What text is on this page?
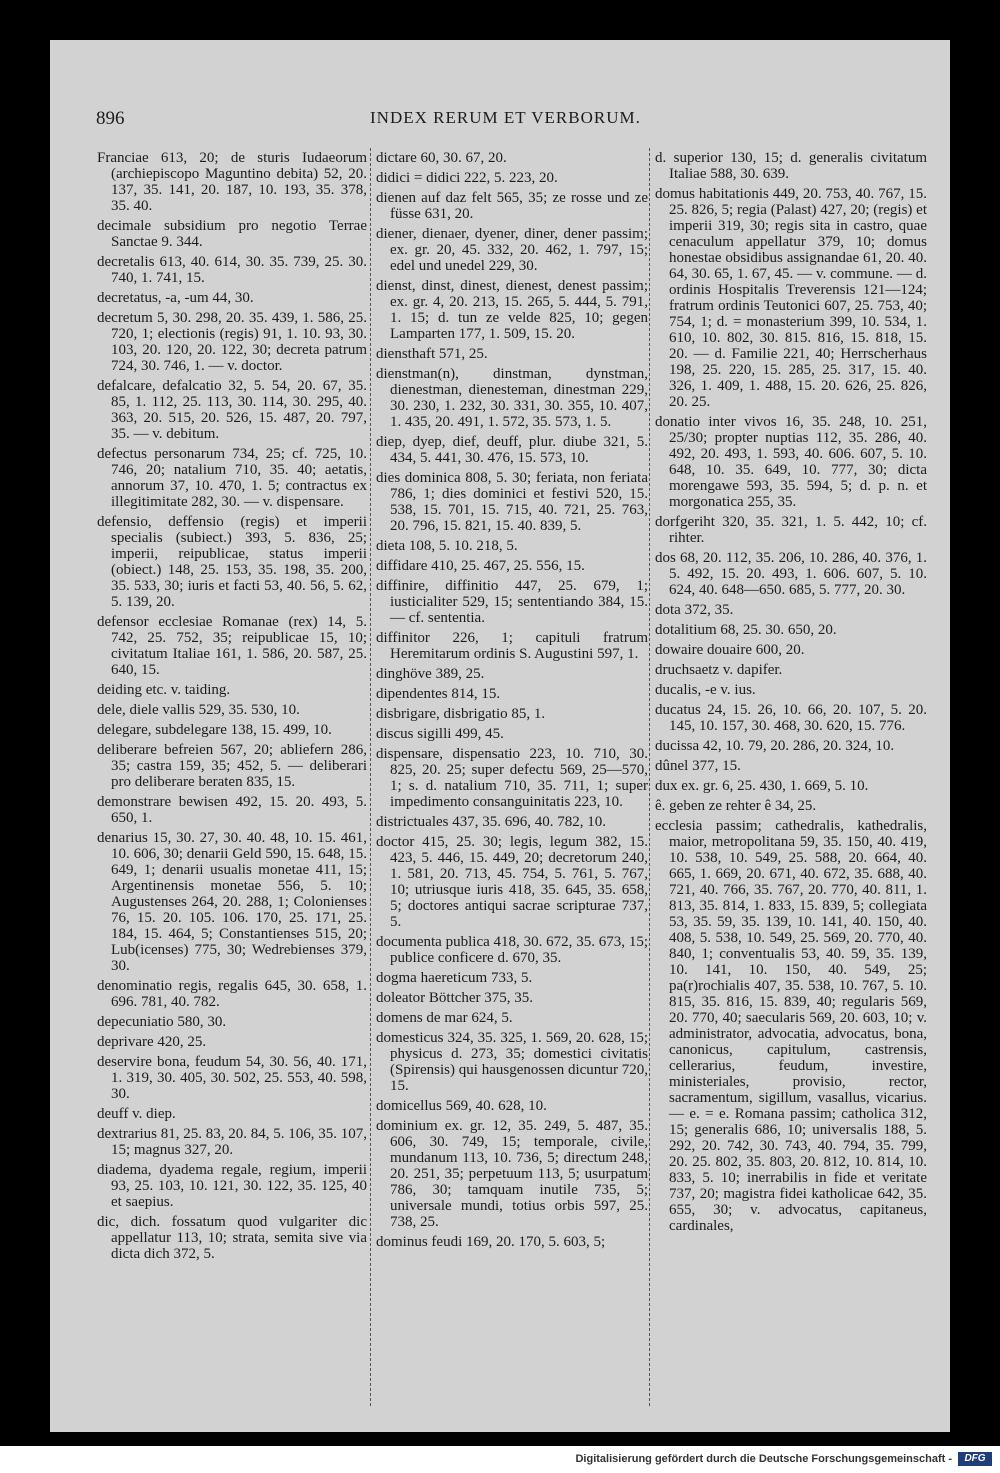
896	INDEX RERUM ET VERBORUM.
Franciae 613, 20; de sturis Iudaeorum (archiepiscopo Maguntino debita) 52, 20. 137, 35. 141, 20. 187, 10. 193, 35. 378, 35. 40.
decimale subsidium pro negotio Terrae Sanctae 9. 344.
decretalis 613, 40. 614, 30. 35. 739, 25. 30. 740, 1. 741, 15.
decretatus, -a, -um 44, 30.
decretum 5, 30. 298, 20. 35. 439, 1. 586, 25. 720, 1; electionis (regis) 91, 1. 10. 93, 30. 103, 20. 120, 20. 122, 30; decreta patrum 724, 30. 746, 1. — v. doctor.
defalcare, defalcatio 32, 5. 54, 20. 67, 35. 85, 1. 112, 25. 113, 30. 114, 30. 295, 40. 363, 20. 515, 20. 526, 15. 487, 20. 797, 35. — v. debitum.
defectus personarum 734, 25; cf. 725, 10. 746, 20; natalium 710, 35. 40; aetatis, annorum 37, 10. 470, 1. 5; contractus ex illegitimitate 282, 30. — v. dispensare.
defensio, deffensio (regis) et imperii specialis (subiect.) 393, 5. 836, 25; imperii, reipublicae, status imperii (obiect.) 148, 25. 153, 35. 198, 35. 200, 35. 533, 30; iuris et facti 53, 40. 56, 5. 62, 5. 139, 20.
defensor ecclesiae Romanae (rex) 14, 5. 742, 25. 752, 35; reipublicae 15, 10; civitatum Italiae 161, 1. 586, 20. 587, 25. 640, 15.
deiding etc. v. taiding.
dele, diele vallis 529, 35. 530, 10.
delegare, subdelegare 138, 15. 499, 10.
deliberare befreien 567, 20; abliefern 286, 35; castra 159, 35; 452, 5. — deliberari pro deliberare beraten 835, 15.
demonstrare bewisen 492, 15. 20. 493, 5. 650, 1.
denarius 15, 30. 27, 30. 40. 48, 10. 15. 461, 10. 606, 30; denarii Geld 590, 15. 648, 15. 649, 1; denarii usualis monetae 411, 15; Argentinensis monetae 556, 5. 10; Augustenses 264, 20. 288, 1; Colonienses 76, 15. 20. 105. 106. 170, 25. 171, 25. 184, 15. 464, 5; Constantienses 515, 20; Lub(icenses) 775, 30; Wedrebienses 379, 30.
denominatio regis, regalis 645, 30. 658, 1. 696. 781, 40. 782.
depecuniatio 580, 30.
deprivare 420, 25.
deservire bona, feudum 54, 30. 56, 40. 171, 1. 319, 30. 405, 30. 502, 25. 553, 40. 598, 30.
deuff v. diep.
dextrarius 81, 25. 83, 20. 84, 5. 106, 35. 107, 15; magnus 327, 20.
diadema, dyadema regale, regium, imperii 93, 25. 103, 10. 121, 30. 122, 35. 125, 40 et saepius.
dic, dich. fossatum quod vulgariter dic appellatur 113, 10; strata, semita sive via dicta dich 372, 5.
dictare 60, 30. 67, 20.
didici = didici 222, 5. 223, 20.
dienen auf daz felt 565, 35; ze rosse und ze füsse 631, 20.
diener, dienaer, dyener, diner, dener passim; ex. gr. 20, 45. 332, 20. 462, 1. 797, 15; edel und unedel 229, 30.
dienst, dinst, dinest, dienest, denest passim; ex. gr. 4, 20. 213, 15. 265, 5. 444, 5. 791, 1. 15; d. tun ze velde 825, 10; gegen Lamparten 177, 1. 509, 15. 20.
diensthaft 571, 25.
dienstman(n), dinstman, dynstman, dienestman, dienesteman, dinestman 229, 30. 230, 1. 232, 30. 331, 30. 355, 10. 407, 1. 435, 20. 491, 1. 572, 35. 573, 1. 5.
diep, dyep, dief, deuff, plur. diube 321, 5. 434, 5. 441, 30. 476, 15. 573, 10.
dies dominica 808, 5. 30; feriata, non feriata 786, 1; dies dominici et festivi 520, 15. 538, 15. 701, 15. 715, 40. 721, 25. 763, 20. 796, 15. 821, 15. 40. 839, 5.
dieta 108, 5. 10. 218, 5.
diffidare 410, 25. 467, 25. 556, 15.
diffinire, diffinitio 447, 25. 679, 1; iusticialiter 529, 15; sententiando 384, 15. — cf. sententia.
diffinitor 226, 1; capituli fratrum Heremitarum ordinis S. Augustini 597, 1.
dinghöve 389, 25.
dipendentes 814, 15.
disbrigare, disbrigatio 85, 1.
discus sigilli 499, 45.
dispensare, dispensatio 223, 10. 710, 30. 825, 20. 25; super defectu 569, 25—570, 1; s. d. natalium 710, 35. 711, 1; super impedimento consanguinitatis 223, 10.
districtuales 437, 35. 696, 40. 782, 10.
doctor 415, 25. 30; legis, legum 382, 15. 423, 5. 446, 15. 449, 20; decretorum 240, 1. 581, 20. 713, 45. 754, 5. 761, 5. 767, 10; utriusque iuris 418, 35. 645, 35. 658, 5; doctores antiqui sacrae scripturae 737, 5.
documenta publica 418, 30. 672, 35. 673, 15; publice conficere d. 670, 35.
dogma haereticum 733, 5.
doleator Böttcher 375, 35.
domens de mar 624, 5.
domesticus 324, 35. 325, 1. 569, 20. 628, 15; physicus d. 273, 35; domestici civitatis (Spirensis) qui hausgenossen dicuntur 720, 15.
domicellus 569, 40. 628, 10.
dominium ex. gr. 12, 35. 249, 5. 487, 35. 606, 30. 749, 15; temporale, civile, mundanum 113, 10. 736, 5; directum 248, 20. 251, 35; perpetuum 113, 5; usurpatum 786, 30; tamquam inutile 735, 5; universale mundi, totius orbis 597, 25. 738, 25.
dominus feudi 169, 20. 170, 5. 603, 5;
d. superior 130, 15; d. generalis civitatum Italiae 588, 30. 639.
domus habitationis 449, 20. 753, 40. 767, 15. 25. 826, 5; regia (Palast) 427, 20; (regis) et imperii 319, 30; regis sita in castro, quae cenaculum appellatur 379, 10; domus honestae obsidibus assignandae 61, 20. 40. 64, 30. 65, 1. 67, 45. — v. commune. — d. ordinis Hospitalis Treverensis 121—124; fratrum ordinis Teutonici 607, 25. 753, 40; 754, 1; d. = monasterium 399, 10. 534, 1. 610, 10. 802, 30. 815. 816, 15. 818, 15. 20. — d. Familie 221, 40; Herrscherhaus 198, 25. 220, 15. 285, 25. 317, 15. 40. 326, 1. 409, 1. 488, 15. 20. 626, 25. 826, 20. 25.
donatio inter vivos 16, 35. 248, 10. 251, 25/30; propter nuptias 112, 35. 286, 40. 492, 20. 493, 1. 593, 40. 606. 607, 5. 10. 648, 10. 35. 649, 10. 777, 30; dicta morengawe 593, 35. 594, 5; d. p. n. et morgonatica 255, 35.
dorfgeriht 320, 35. 321, 1. 5. 442, 10; cf. rihter.
dos 68, 20. 112, 35. 206, 10. 286, 40. 376, 1. 5. 492, 15. 20. 493, 1. 606. 607, 5. 10. 624, 40. 648—650. 685, 5. 777, 20. 30.
dota 372, 35.
dotalitium 68, 25. 30. 650, 20.
dowaire douaire 600, 20.
druchsaetz v. dapifer.
ducalis, -e v. ius.
ducatus 24, 15. 26, 10. 66, 20. 107, 5. 20. 145, 10. 157, 30. 468, 30. 620, 15. 776.
ducissa 42, 10. 79, 20. 286, 20. 324, 10.
dûnel 377, 15.
dux ex. gr. 6, 25. 430, 1. 669, 5. 10.
ê. geben ze rehter ê 34, 25.
ecclesia passim; cathedralis, kathedralis, maior, metropolitana 59, 35. 150, 40. 419, 10. 538, 10. 549, 25. 588, 20. 664, 40. 665, 1. 669, 20. 671, 40. 672, 35. 688, 40. 721, 40. 766, 35. 767, 20. 770, 40. 811, 1. 813, 35. 814, 1. 833, 15. 839, 5; collegiata 53, 35. 59, 35. 139, 10. 141, 40. 150, 40. 408, 5. 538, 10. 549, 25. 569, 20. 770, 40. 840, 1; conventualis 53, 40. 59, 35. 139, 10. 141, 10. 150, 40. 549, 25; pa(r)rochialis 407, 35. 538, 10. 767, 5. 10. 815, 35. 816, 15. 839, 40; regularis 569, 20. 770, 40; saecularis 569, 20. 603, 10; v. administrator, advocatia, advocatus, bona, canonicus, capitulum, castrensis, cellerarius, feudum, investire, ministeriales, provisio, rector, sacramentum, sigillum, vasallus, vicarius. — e. = e. Romana passim; catholica 312, 15; generalis 686, 10; universalis 188, 5. 292, 20. 742, 30. 743, 40. 794, 35. 799, 20. 25. 802, 35. 803, 20. 812, 10. 814, 10. 833, 5. 10; inerrabilis in fide et veritate 737, 20; magistra fidei katholicae 642, 35. 655, 30; v. advocatus, capitaneus, cardinales,
Digitalisierung gefördert durch die Deutsche Forschungsgemeinschaft -	DFG
